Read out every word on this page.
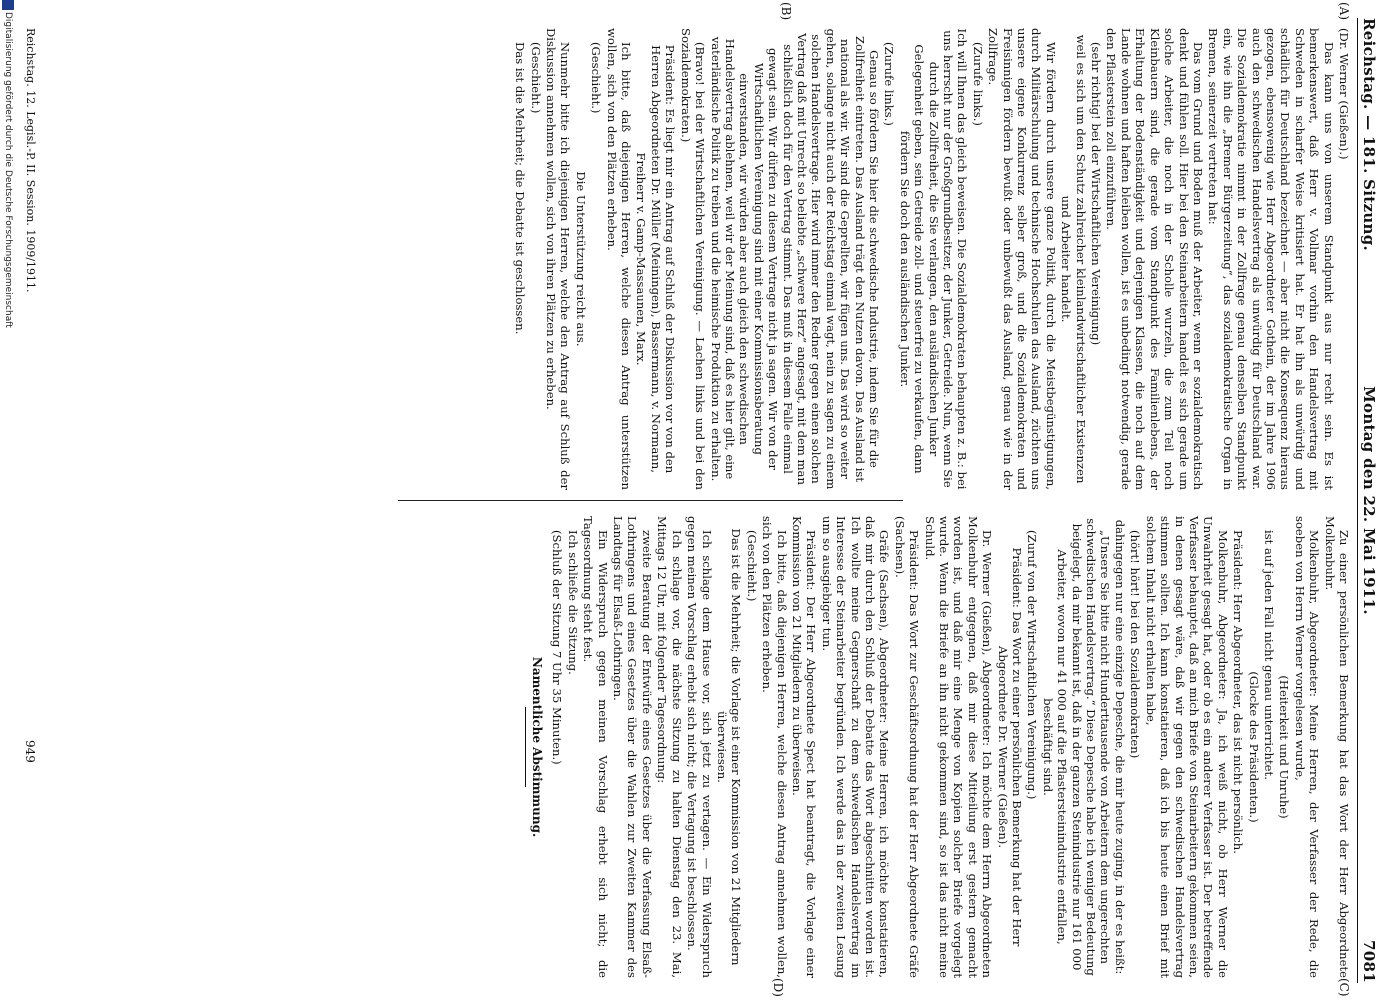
Reichstag. — 181. Sitzung.
Montag den 22. Mai 1911.
7081
(A)
(B)
(C)
(D)

(Dr. Werner (Gießen).)

Das kann uns von unserem Standpunkt aus nur recht sein. Es ist bemerkenswert, daß Herr v. Vollmar vorhin den Handelsvertrag mit Schweden in scharfer Weise kritisiert hat. Er hat ihn als unwürdig und schädlich für Deutschland bezeichnet — aber nicht die Konsequenz hieraus gezogen, ebensowenig wie Herr Abgeordneter Gothein, der im Jahre 1906 auch den schwedischen Handelsvertrag als unwürdig für Deutschland war. Die Sozialdemokratie nimmt in der Zollfrage genau denselben Standpunkt ein, wie ihn die „Bremer Bürgerzeitung“, das sozialdemokratische Organ in Bremen, seinerzeit vertreten hat:

Das vom Grund und Boden muß der Arbeiter, wenn er sozialdemokratisch denkt und fühlen soll. Hier bei den Steinarbeitern handelt es sich gerade um solche Arbeiter, die noch in der Scholle wurzeln, die zum Teil noch Kleinbauern sind, die gerade vom Standpunkt des Familienlebens, der Erhaltung der Bodenständigkeit und derjenigen Klassen, die noch auf dem Lande wohnen und haften bleiben wollen, ist es unbedingt notwendig, gerade den Pflasterstein zoll einzuführen.

(sehr richtig! bei der Wirtschaftlichen Vereinigung)

weil es sich um den Schutz zahlreicher kleinlandwirtschaftlicher Existenzen und Arbeiter handelt.

Wir fördern durch unsere ganze Politik, durch die Meistbegünstigungen, durch Militärschulung und technische Hochschulen das Ausland, züchten uns unsere eigene Konkurrenz selber groß, und die Sozialdemokraten und Freisinnigen fördern bewußt oder unbewußt das Ausland, genau wie in der Zollfrage.

(Zurufe links.)

Ich will Ihnen das gleich beweisen. Die Sozialdemokraten behaupten z. B.: bei uns herrscht nur der Großgrundbesitzer, der Junker, Getreide. Nun, wenn Sie durch die Zollfreiheit, die Sie verlangen, den ausländischen Junker Gelegenheit geben, sein Getreide zoll- und steuerfrei zu verkaufen, dann fördern Sie doch den ausländischen Junker.

(Zurufe links.)

Genau so fördern Sie hier die schwedische Industrie, indem Sie für die Zollfreiheit eintreten. Das Ausland trägt den Nutzen davon. Das Ausland ist national als wir. Wir sind die Geprellten, wir fügen uns. Das wird so weiter gehen, solange nicht auch der Reichstag einmal wagt, nein zu sagen zu einem solchen Handelsvertrage. Hier wird immer den Redner gegen einen solchen Vertrag daß mit Unrecht so beliebte „schwere Herz“ angesagt, mit dem man schließlich doch für den Vertrag stimmt. Das muß in diesem Falle einmal gewagt sein. Wir dürfen zu diesem Vertrage nicht ja sagen. Wir von der Wirtschaftlichen Vereinigung sind mit einer Kommissionsberatung einverstanden, wir würden aber auch gleich den schwedischen Handelsvertrag ablehnen, weil wir der Meinung sind, daß es hier gilt, eine vaterländische Politik zu treiben und die heimische Produktion zu erhalten.

(Bravo! bei der Wirtschaftlichen Vereinigung. — Lachen links und bei den Sozialdemokraten.)

Präsident: Es liegt mir ein Antrag auf Schluß der Diskussion vor von den Herren Abgeordneten Dr. Müller (Meiningen), Bassermann, v. Normann, Freiherr v. Gamp-Massaunen, Marx.

Ich bitte, daß diejenigen Herren, welche diesen Antrag unterstützen wollen, sich von den Plätzen erheben.

(Geschieht.)

Die Unterstützung reicht aus.

Nunmehr bitte ich diejenigen Herren, welche den Antrag auf Schluß der Diskussion annehmen wollen, sich von ihren Plätzen zu erheben.

(Geschieht.)

Das ist die Mehrheit; die Debatte ist geschlossen.

Zu einer persönlichen Bemerkung hat das Wort der Herr Abgeordnete Molkenbuhr.

Molkenbuhr, Abgeordneter: Meine Herren, der Verfasser der Rede, die soeben von Herrn Werner vorgelesen wurde,

(Heiterkeit und Unruhe)

ist auf jeden Fall nicht genau unterrichtet.

(Glocke des Präsidenten.)

Präsident: Herr Abgeordneter, das ist nicht persönlich.

Molkenbuhr, Abgeordneter: Ja, ich weiß nicht, ob Herr Werner die Unwahrheit gesagt hat, oder ob es ein anderer Verfasser ist. Der betreffende Verfasser behauptet, daß an mich Briefe von Steinarbeitern gekommen seien, in denen gesagt wäre, daß wir gegen den schwedischen Handelsvertrag stimmen sollten. Ich kann konstatieren, daß ich bis heute einen Brief mit solchem Inhalt nicht erhalten habe,

(hört! hört! bei den Sozialdemokraten)

dahingegen nur eine einzige Depesche, die mir heute zuging, in der es heißt: „Unsere Sie bitte nicht Hunderttausende von Arbeitern dem ungerechten schwedischen Handelsvertrag.“ Diese Depesche habe ich weniger Bedeutung beigelegt, da mir bekannt ist, daß in der ganzen Steinindustrie nur 161 000 Arbeiter, wovon nur 41 000 auf die Pflastersteinindustrie entfallen, beschäftigt sind.

(Zuruf von der Wirtschaftlichen Vereinigung.)

Präsident: Das Wort zu einer persönlichen Bemerkung hat der Herr Abgeordnete Dr. Werner (Gießen).

Dr. Werner (Gießen), Abgeordneter: Ich möchte dem Herrn Abgeordneten Molkenbuhr entgegnen, daß mir diese Mitteilung erst gestern gemacht worden ist, und daß mir eine Menge von Kopien solcher Briefe vorgelegt wurde. Wenn die Briefe an ihn nicht gekommen sind, so ist das nicht meine Schuld.

Präsident: Das Wort zur Geschäftsordnung hat der Herr Abgeordnete Gräfe (Sachsen).

Gräfe (Sachsen), Abgeordneter: Meine Herren, ich möchte konstatieren, daß mir durch den Schluß der Debatte das Wort abgeschnitten worden ist. Ich wollte meine Gegnerschaft zu dem schwedischen Handelsvertrag im Interesse der Steinarbeiter begründen. Ich werde das in der zweiten Lesung um so ausgiebiger tun.

Präsident: Der Herr Abgeordnete Spect hat beantragt, die Vorlage einer Kommission von 21 Mitgliedern zu überweisen.

Ich bitte, daß diejenigen Herren, welche diesen Antrag annehmen wollen, sich von den Plätzen erheben.

(Geschieht.)

Das ist die Mehrheit; die Vorlage ist einer Kommission von 21 Mitgliedern überwiesen.

Ich schlage dem Hause vor, sich jetzt zu vertagen. — Ein Widerspruch gegen meinen Vorschlag erhebt sich nicht; die Vertagung ist beschlossen.

Ich schlage vor, die nächste Sitzung zu halten Dienstag den 23. Mai, Mittags 12 Uhr, mit folgender Tagesordnung:

zweite Beratung der Entwürfe eines Gesetzes über die Verfassung Elsaß-Lothringens und eines Gesetzes über die Wahlen zur Zweiten Kammer des Landtags für Elsaß-Lothringen.

Ein Widerspruch gegen meinen Vorschlag erhebt sich nicht; die Tagesordnung steht fest.

Ich schließe die Sitzung.

(Schluß der Sitzung 7 Uhr 35 Minuten.)

Namentliche Abstimmung.
Reichstag. 12. Legisl.-P. II. Session. 1909/1911.
949
Digitalisierung gefördert durch die Deutsche Forschungsgemeinschaft
